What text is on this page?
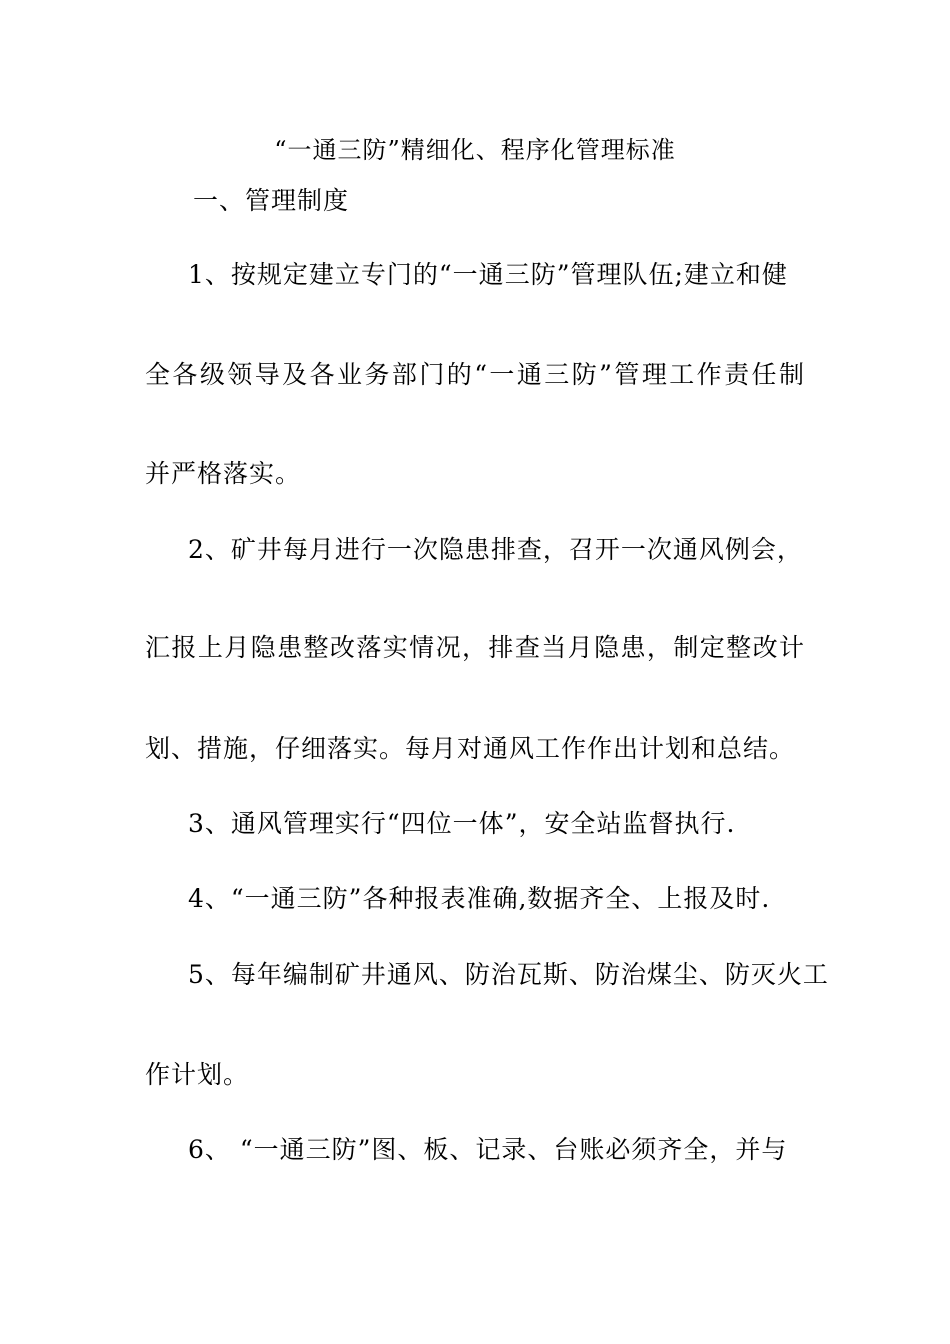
“一通三防”精细化、程序化管理标准
一、管理制度
1、按规定建立专门的“一通三防”管理队伍;建立和健
全各级领导及各业务部门的“一通三防”管理工作责任制
并严格落实。
2、矿井每月进行一次隐患排查，召开一次通风例会，
汇报上月隐患整改落实情况，排查当月隐患，制定整改计
划、措施，仔细落实。每月对通风工作作出计划和总结。
3、通风管理实行“四位一体”，安全站监督执行.
4、“一通三防”各种报表准确,数据齐全、上报及时.
5、每年编制矿井通风、防治瓦斯、防治煤尘、防灭火工
作计划。
6、 “一通三防”图、板、记录、台账必须齐全，并与
